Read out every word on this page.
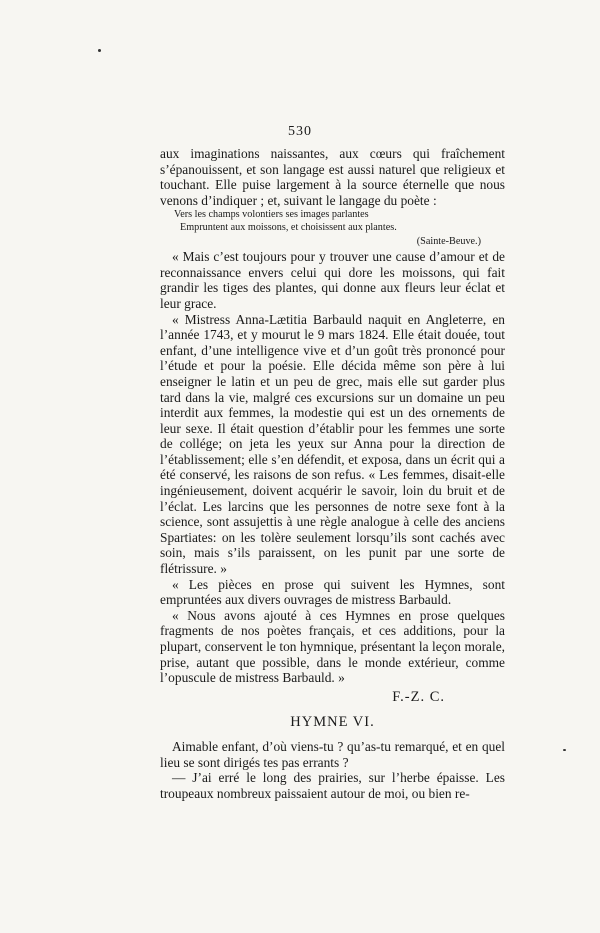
530

aux imaginations naissantes, aux cœurs qui fraîchement s’épanouissent, et son langage est aussi naturel que religieux et touchant. Elle puise largement à la source éternelle que nous venons d’indiquer ; et, suivant le langage du poète :

Vers les champs volontiers ses images parlantes
Empruntent aux moissons, et choisissent aux plantes.
(Sainte-Beuve.)

« Mais c’est toujours pour y trouver une cause d’amour et de reconnaissance envers celui qui dore les moissons, qui fait grandir les tiges des plantes, qui donne aux fleurs leur éclat et leur grace.

« Mistress Anna-Lætitia Barbauld naquit en Angleterre, en l’année 1743, et y mourut le 9 mars 1824. Elle était douée, tout enfant, d’une intelligence vive et d’un goût très prononcé pour l’étude et pour la poésie. Elle décida même son père à lui enseigner le latin et un peu de grec, mais elle sut garder plus tard dans la vie, malgré ces excursions sur un domaine un peu interdit aux femmes, la modestie qui est un des ornements de leur sexe. Il était question d’établir pour les femmes une sorte de collége; on jeta les yeux sur Anna pour la direction de l’établissement; elle s’en défendit, et exposa, dans un écrit qui a été conservé, les raisons de son refus. « Les femmes, disait-elle ingénieusement, doivent acquérir le savoir, loin du bruit et de l’éclat. Les larcins que les personnes de notre sexe font à la science, sont assujettis à une règle analogue à celle des anciens Spartiates: on les tolère seulement lorsqu’ils sont cachés avec soin, mais s’ils paraissent, on les punit par une sorte de flétrissure. »

« Les pièces en prose qui suivent les Hymnes, sont empruntées aux divers ouvrages de mistress Barbauld.

« Nous avons ajouté à ces Hymnes en prose quelques fragments de nos poètes français, et ces additions, pour la plupart, conservent le ton hymnique, présentant la leçon morale, prise, autant que possible, dans le monde extérieur, comme l’opuscule de mistress Barbauld. »

F.-Z. C.
HYMNE VI.

Aimable enfant, d’où viens-tu ? qu’as-tu remarqué, et en quel lieu se sont dirigés tes pas errants ?

— J’ai erré le long des prairies, sur l’herbe épaisse. Les troupeaux nombreux paissaient autour de moi, ou bien re-
